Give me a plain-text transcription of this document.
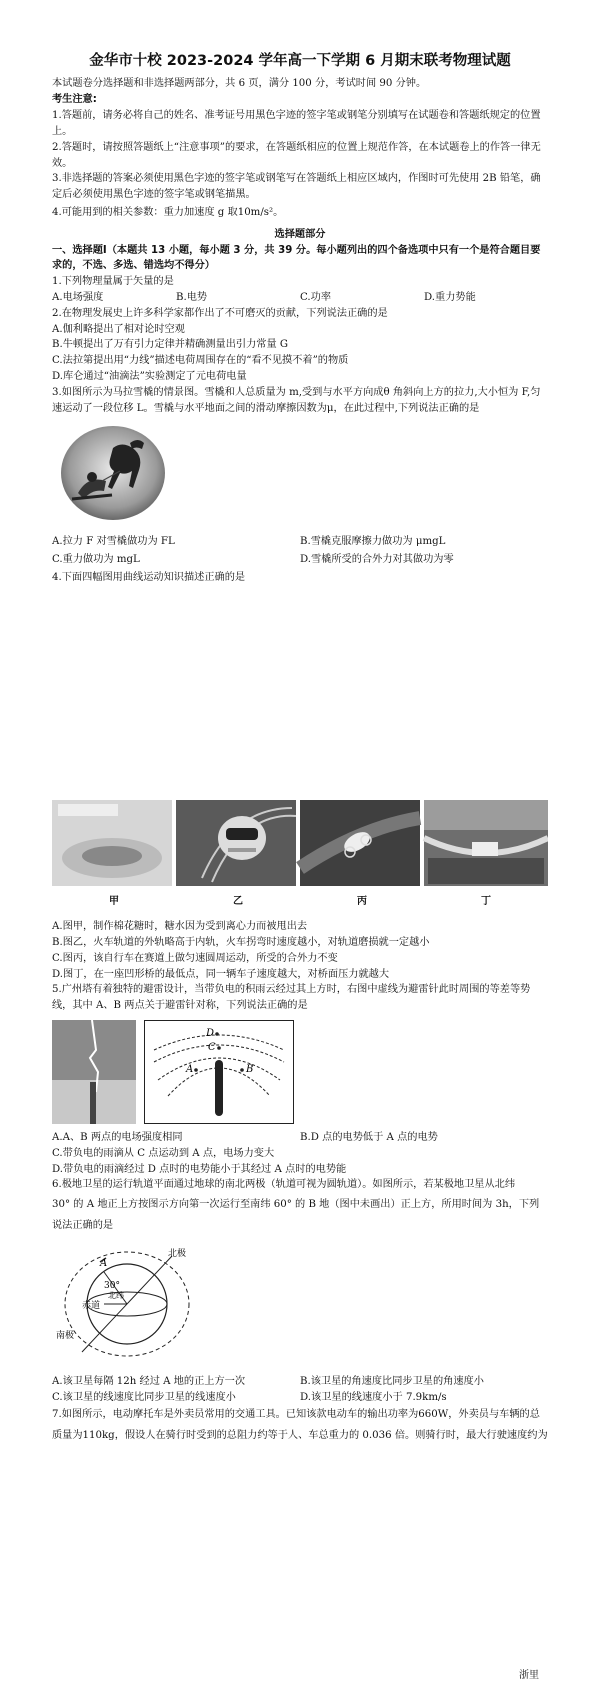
金华市十校 2023-2024 学年高一下学期 6 月期末联考物理试题

本试题卷分选择题和非选择题两部分，共 6 页，满分 100 分，考试时间 90 分钟。

考生注意:

1.答题前，请务必将自己的姓名、准考证号用黑色字迹的签字笔或钢笔分别填写在试题卷和答题纸规定的位置上。

2.答题时，请按照答题纸上“注意事项”的要求，在答题纸相应的位置上规范作答，在本试题卷上的作答一律无效。

3.非选择题的答案必须使用黑色字迹的签字笔或钢笔写在答题纸上相应区域内，作图时可先使用 2B 铅笔，确定后必须使用黑色字迹的签字笔或钢笔描黑。

4.可能用到的相关参数：重力加速度 g 取10m/s²。

选择题部分

一、选择题Ⅰ（本题共 13 小题，每小题 3 分，共 39 分。每小题列出的四个备选项中只有一个是符合题目要求的，不选、多选、错选均不得分）

1.下列物理量属于矢量的是

A.电场强度	B.电势	C.功率	D.重力势能

2.在物理发展史上许多科学家都作出了不可磨灭的贡献，下列说法正确的是

A.伽利略提出了相对论时空观

B.牛顿提出了万有引力定律并精确测量出引力常量 G

C.法拉第提出用“力线”描述电荷周围存在的“看不见摸不着”的物质

D.库仑通过“油滴法”实验测定了元电荷电量

3.如图所示为马拉雪橇的情景图。雪橇和人总质量为 m,受到与水平方向成θ 角斜向上方的拉力,大小恒为 F,匀速运动了一段位移 L。雪橇与水平地面之间的滑动摩擦因数为μ，在此过程中,下列说法正确的是

A.拉力 F 对雪橇做功为 FL	B.雪橇克服摩擦力做功为 μmgL
C.重力做功为 mgL	D.雪橇所受的合外力对其做功为零

4.下面四幅图用曲线运动知识描述正确的是

甲	乙	丙	丁

A.图甲，制作棉花糖时，糖水因为受到离心力而被甩出去

B.图乙，火车轨道的外轨略高于内轨，火车拐弯时速度越小，对轨道磨损就一定越小

C.图丙，该自行车在赛道上做匀速圆周运动，所受的合外力不变

D.图丁，在一座凹形桥的最低点，同一辆车子速度越大，对桥面压力就越大

5.广州塔有着独特的避雷设计，当带负电的积雨云经过其上方时，右图中虚线为避雷针此时周围的等差等势线，其中 A、B 两点关于避雷针对称，下列说法正确的是

D
C
A	B
A.A、B 两点的电场强度相同	B.D 点的电势低于 A 点的电势

C.带负电的雨滴从 C 点运动到 A 点，电场力变大

D.带负电的雨滴经过 D 点时的电势能小于其经过 A 点时的电势能

6.极地卫星的运行轨道平面通过地球的南北两极（轨道可视为圆轨道）。如图所示，若某极地卫星从北纬

30° 的 A 地正上方按图示方向第一次运行至南纬 60° 的 B 地（图中未画出）正上方，所用时间为 3h，下列说法正确的是

A
30°
北极
南极
赤道
北纬
A.该卫星每隔 12h 经过 A 地的正上方一次	B.该卫星的角速度比同步卫星的角速度小
C.该卫星的线速度比同步卫星的线速度小	D.该卫星的线速度小于 7.9km/s

7.如图所示，电动摩托车是外卖员常用的交通工具。已知该款电动车的输出功率为660W，外卖员与车辆的总质量为110kg，假设人在骑行时受到的总阻力约等于人、车总重力的 0.036 倍。则骑行时，最大行驶速度约为

浙里
